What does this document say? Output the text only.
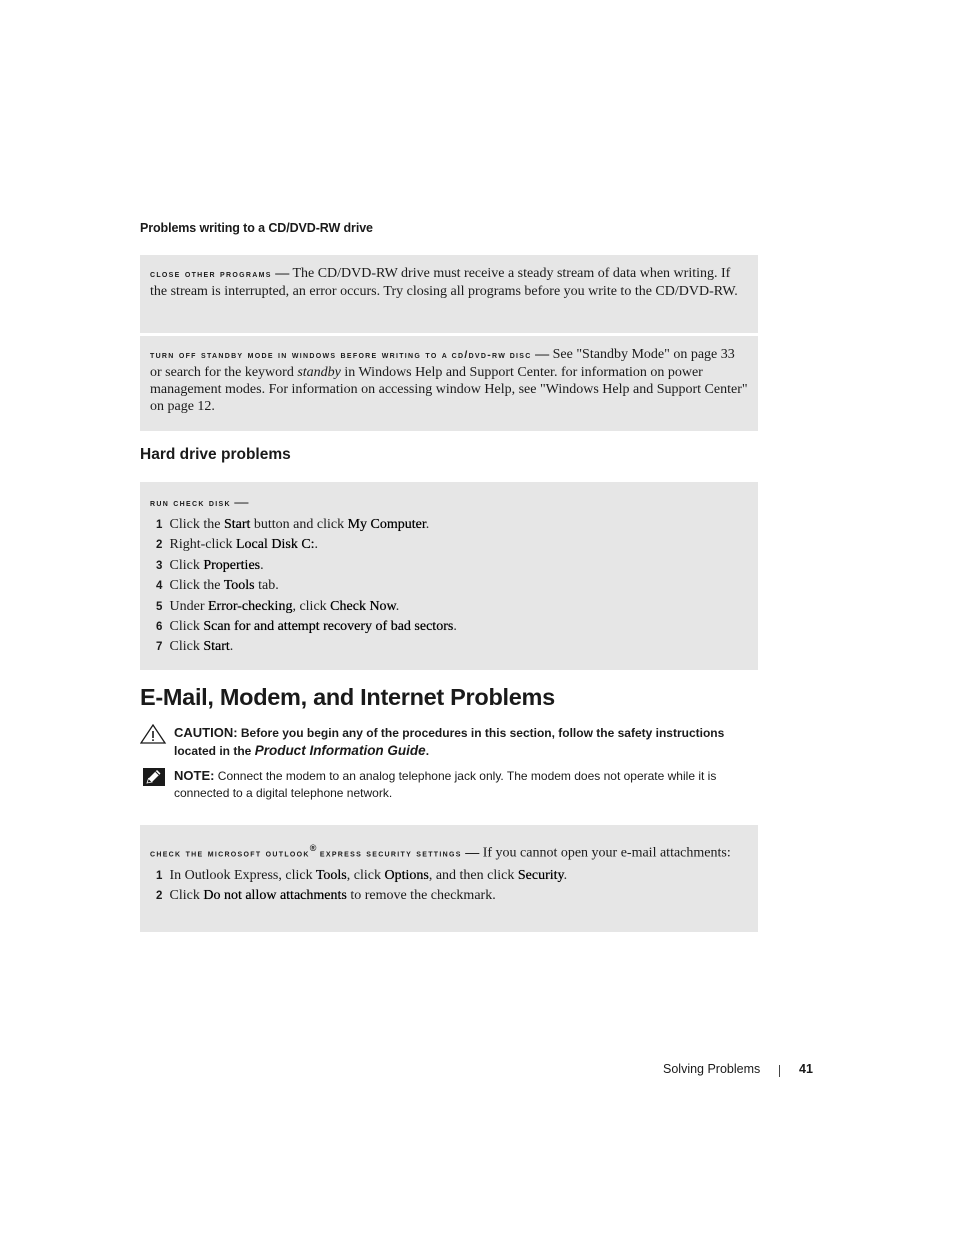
Problems writing to a CD/DVD-RW drive

close other programs — The CD/DVD-RW drive must receive a steady stream of data when writing. If the stream is interrupted, an error occurs. Try closing all programs before you write to the CD/DVD-RW.

turn off standby mode in windows before writing to a cd/dvd-rw disc — See "Standby Mode" on page 33 or search for the keyword standby in Windows Help and Support Center. for information on power management modes. For information on accessing window Help, see "Windows Help and Support Center" on page 12.

Hard drive problems

run check disk —

1 Click the Start button and click My Computer.
2 Right-click Local Disk C:.
3 Click Properties.
4 Click the Tools tab.
5 Under Error-checking, click Check Now.
6 Click Scan for and attempt recovery of bad sectors.
7 Click Start.
E-Mail, Modem, and Internet Problems
CAUTION: Before you begin any of the procedures in this section, follow the safety instructions located in the Product Information Guide.
NOTE: Connect the modem to an analog telephone jack only. The modem does not operate while it is connected to a digital telephone network.

check the microsoft outlook® express security settings — If you cannot open your e-mail attachments:

1 In Outlook Express, click Tools, click Options, and then click Security.
2 Click Do not allow attachments to remove the checkmark.
Solving Problems	41
